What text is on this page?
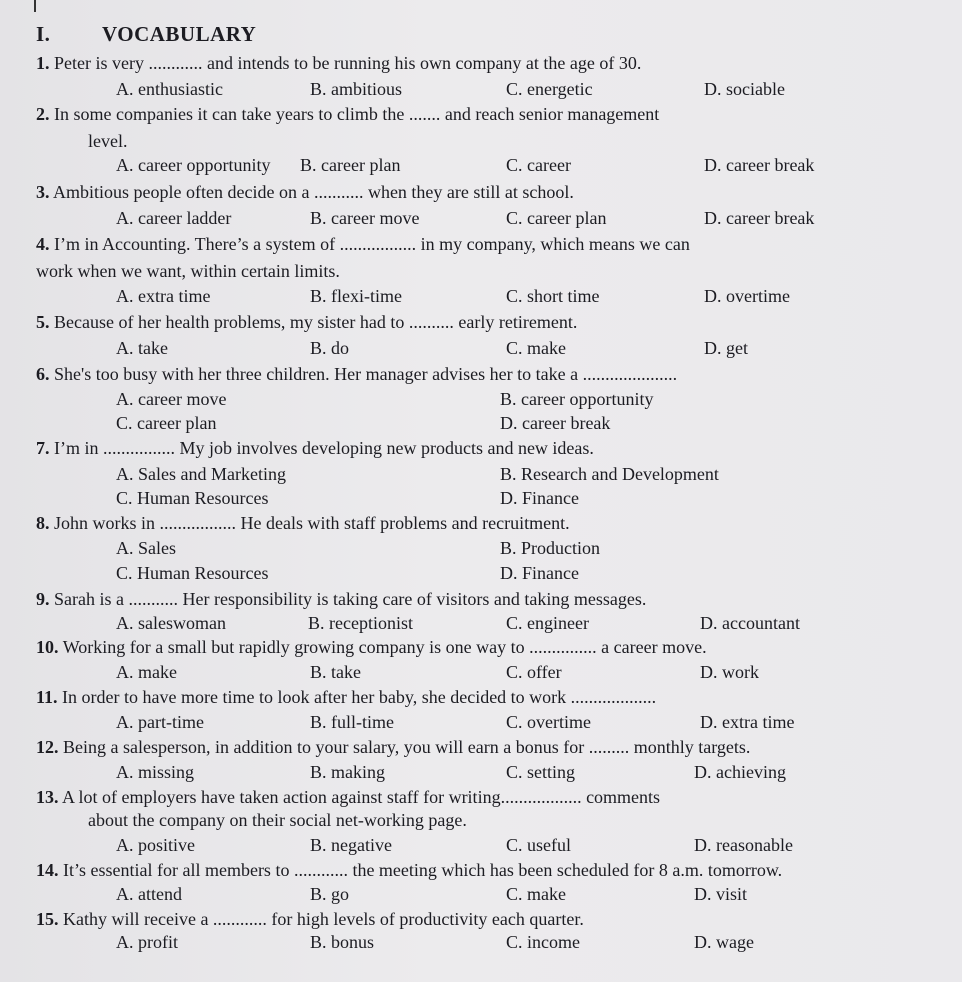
I. VOCABULARY
1. Peter is very ............ and intends to be running his own company at the age of 30.
A. enthusiastic	B. ambitious	C. energetic	D. sociable
2. In some companies it can take years to climb the ....... and reach senior management
level.
A. career opportunity B. career plan	C. career	D. career break
3. Ambitious people often decide on a ........... when they are still at school.
A. career ladder	B. career move	C. career plan	D. career break
4. I’m in Accounting. There’s a system of ................. in my company, which means we can
work when we want, within certain limits.
A. extra time	B. flexi-time	C. short time	D. overtime
5. Because of her health problems, my sister had to .......... early retirement.
A. take	B. do	C. make	D. get
6. She's too busy with her three children. Her manager advises her to take a .....................
A. career move	B. career opportunity
C. career plan	D. career break
7. I’m in ................ My job involves developing new products and new ideas.
A. Sales and Marketing	B. Research and Development
C. Human Resources	D. Finance
8. John works in ................. He deals with staff problems and recruitment.
A. Sales	B. Production
C. Human Resources	D. Finance
9. Sarah is a ........... Her responsibility is taking care of visitors and taking messages.
A. saleswoman	B. receptionist	C. engineer	D. accountant
10. Working for a small but rapidly growing company is one way to ............... a career move.
A. make	B. take	C. offer	D. work
11. In order to have more time to look after her baby, she decided to work ...................
A. part-time	B. full-time	C. overtime	D. extra time
12. Being a salesperson, in addition to your salary, you will earn a bonus for ......... monthly targets.
A. missing	B. making	C. setting	D. achieving
13. A lot of employers have taken action against staff for writing.................. comments
about the company on their social net-working page.
A. positive	B. negative	C. useful	D. reasonable
14. It’s essential for all members to ............ the meeting which has been scheduled for 8 a.m. tomorrow.
A. attend	B. go	C. make	D. visit
15. Kathy will receive a ............ for high levels of productivity each quarter.
A. profit	B. bonus	C. income	D. wage
